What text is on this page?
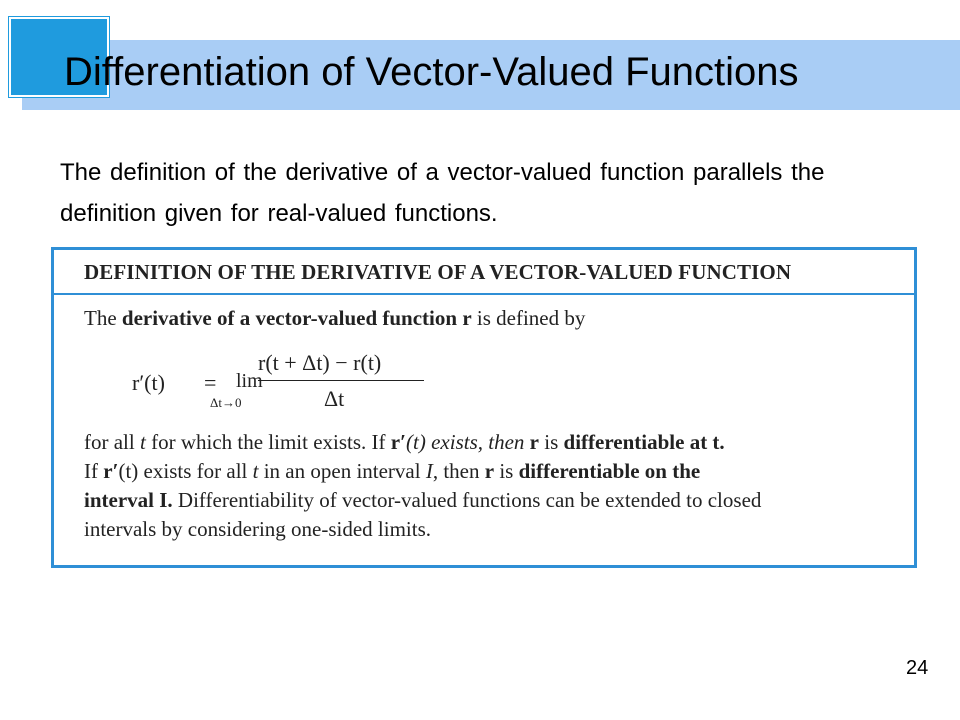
Differentiation of Vector-Valued Functions
The definition of the derivative of a vector-valued function parallels the definition given for real-valued functions.
DEFINITION OF THE DERIVATIVE OF A VECTOR-VALUED FUNCTION
The derivative of a vector-valued function r is defined by
r′(t) = lim
Δt→0
r(t + Δt) − r(t)
Δt
for all t for which the limit exists. If r′(t) exists, then r is differentiable at t.
If r′(t) exists for all t in an open interval I, then r is differentiable on the
interval I. Differentiability of vector-valued functions can be extended to closed
intervals by considering one-sided limits.
24
